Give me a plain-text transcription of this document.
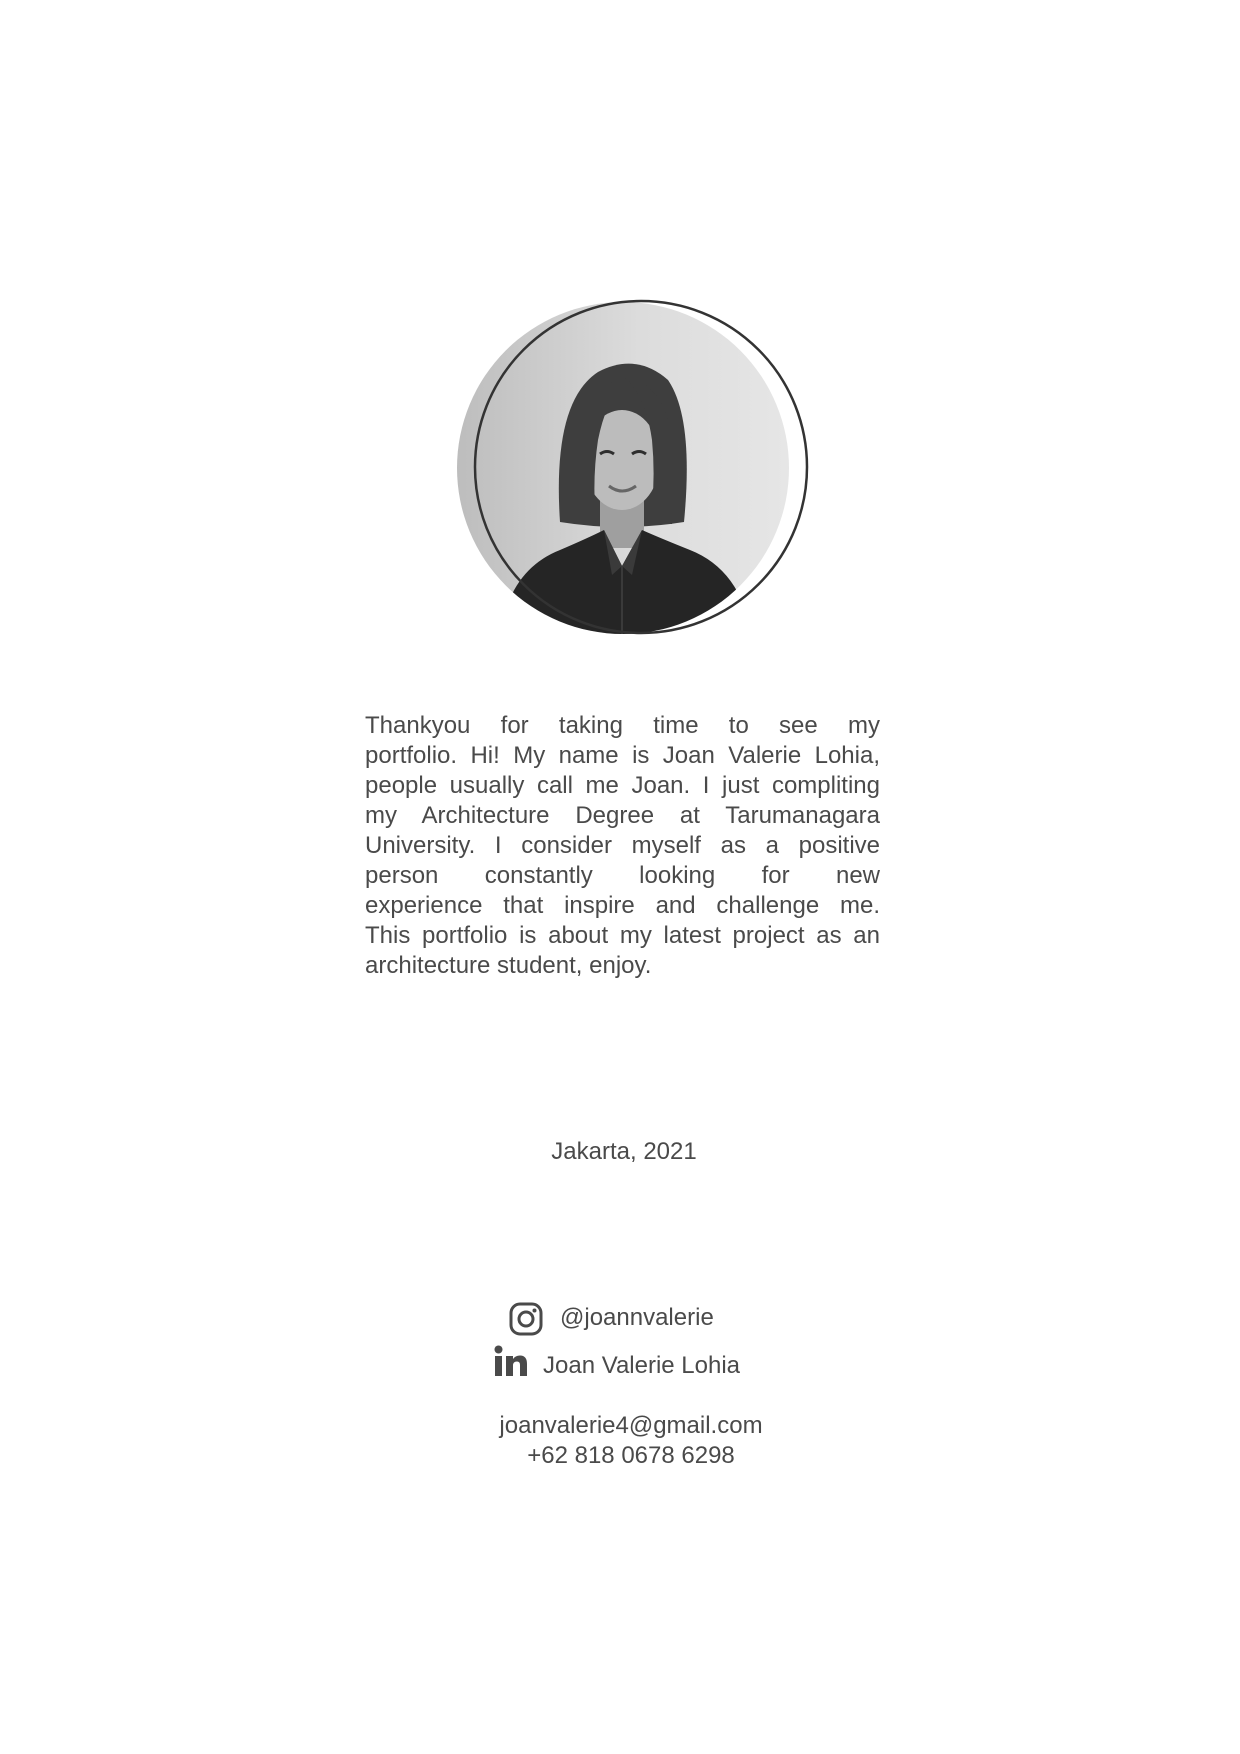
Thankyou for taking time to see my
portfolio. Hi! My name is Joan Valerie Lohia,
people usually call me Joan. I just compliting
my Architecture Degree at Tarumanagara
University. I consider myself as a positive
person constantly looking for new
experience that inspire and challenge me.
This portfolio is about my latest project as an
architecture student, enjoy.
Jakarta, 2021
@joannvalerie
Joan Valerie Lohia
joanvalerie4@gmail.com
+62 818 0678 6298
